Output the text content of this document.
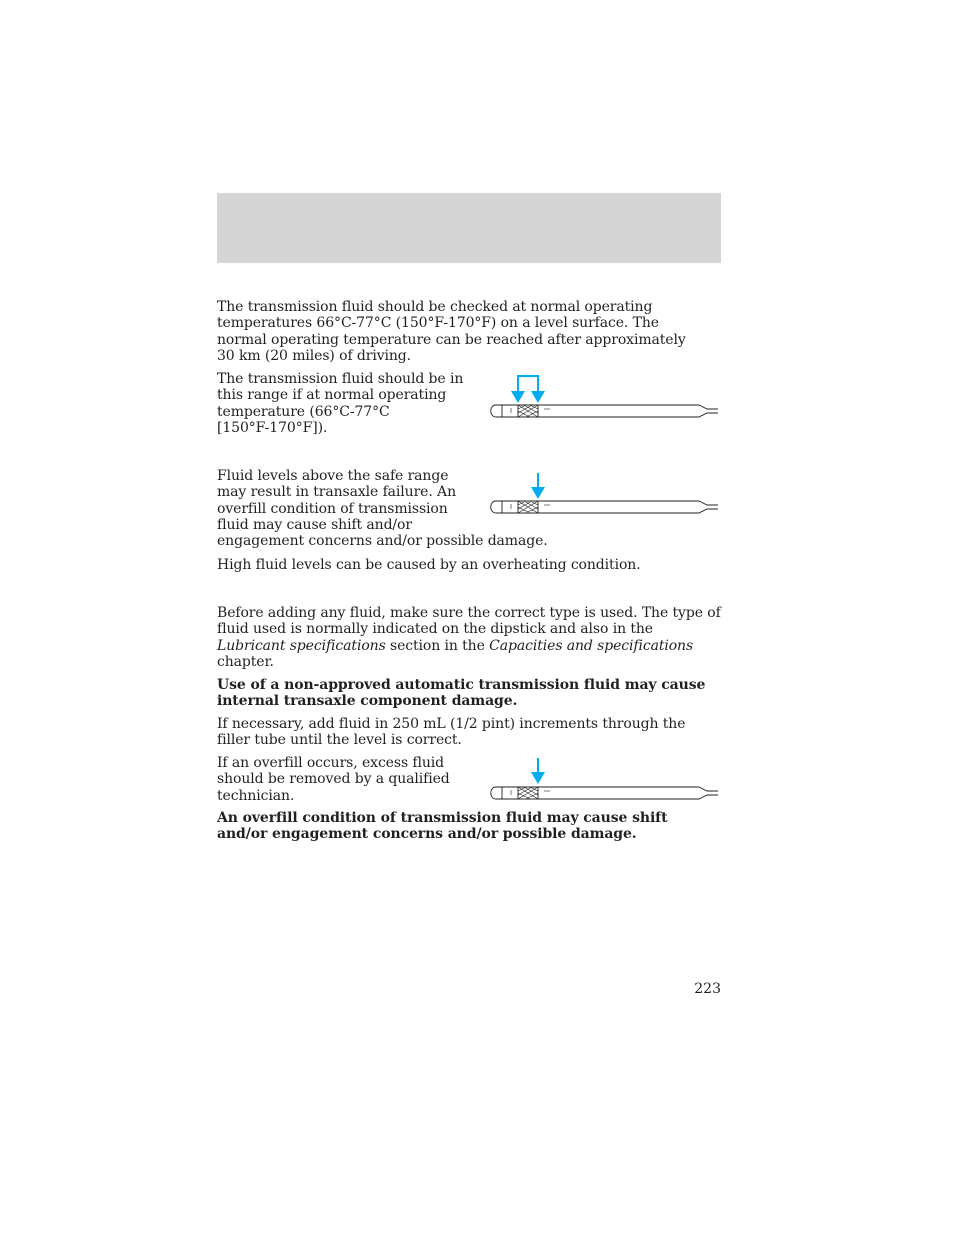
The transmission fluid should be checked at normal operating temperatures 66°C-77°C (150°F-170°F) on a level surface. The normal operating temperature can be reached after approximately 30 km (20 miles) of driving.

The transmission fluid should be in
this range if at normal operating
temperature (66°C-77°C
[150°F-170°F]).
Fluid levels above the safe range
may result in transaxle failure. An
overfill condition of transmission
fluid may cause shift and/or
engagement concerns and/or possible damage.

High fluid levels can be caused by an overheating condition.

Before adding any fluid, make sure the correct type is used. The type of fluid used is normally indicated on the dipstick and also in the Lubricant specifications section in the Capacities and specifications chapter.

Use of a non-approved automatic transmission fluid may cause internal transaxle component damage.

If necessary, add fluid in 250 mL (1/2 pint) increments through the filler tube until the level is correct.

If an overfill occurs, excess fluid
should be removed by a qualified
technician.

An overfill condition of transmission fluid may cause shift and/or engagement concerns and/or possible damage.

223
